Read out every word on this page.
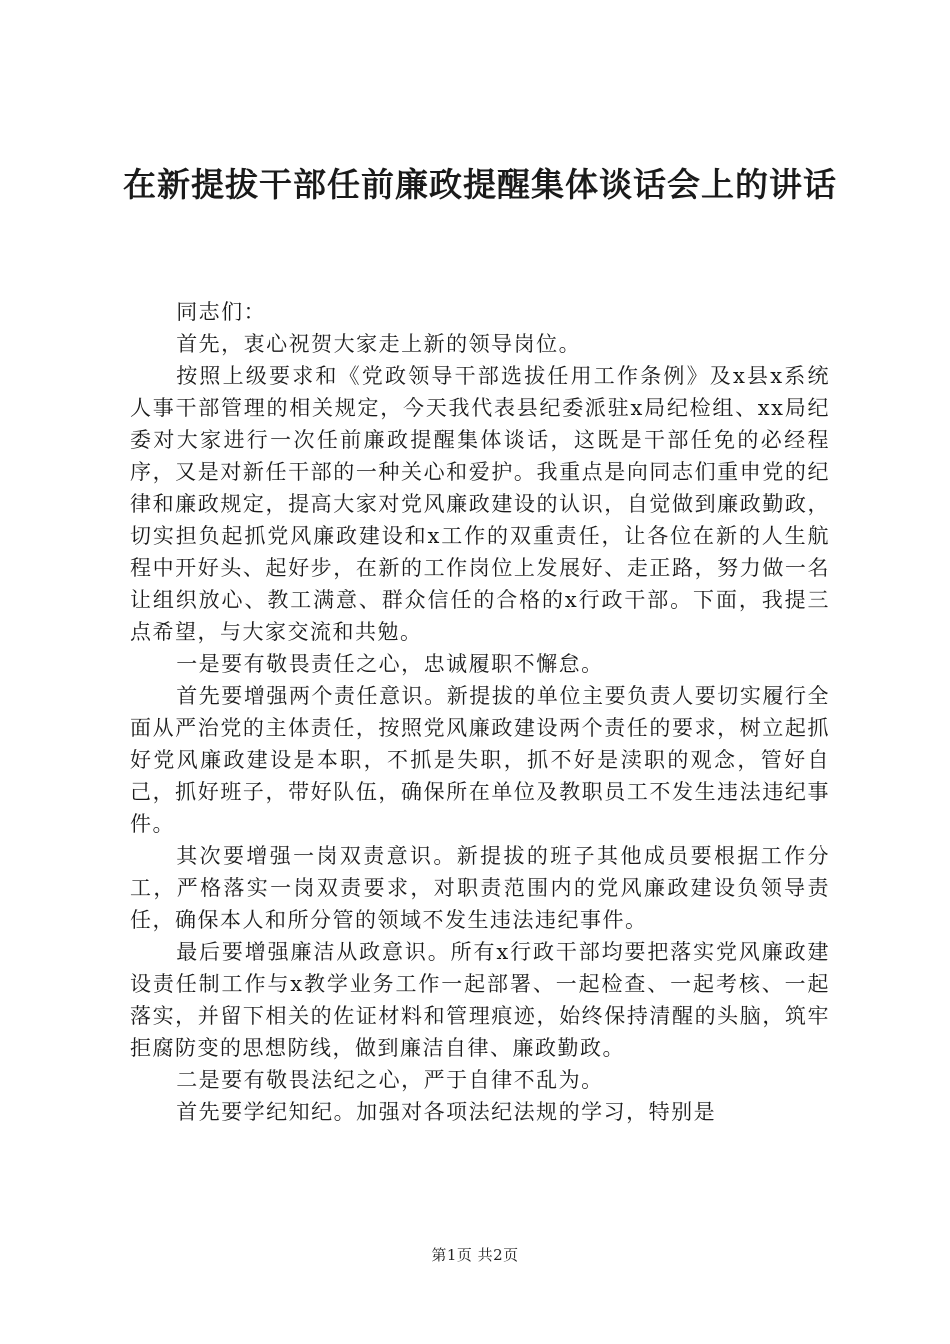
在新提拔干部任前廉政提醒集体谈话会上的讲话

同志们：

首先，衷心祝贺大家走上新的领导岗位。

按照上级要求和《党政领导干部选拔任用工作条例》及x县x系统人事干部管理的相关规定，今天我代表县纪委派驻x局纪检组、xx局纪委对大家进行一次任前廉政提醒集体谈话，这既是干部任免的必经程序，又是对新任干部的一种关心和爱护。我重点是向同志们重申党的纪律和廉政规定，提高大家对党风廉政建设的认识，自觉做到廉政勤政，切实担负起抓党风廉政建设和x工作的双重责任，让各位在新的人生航程中开好头、起好步，在新的工作岗位上发展好、走正路，努力做一名让组织放心、教工满意、群众信任的合格的x行政干部。下面，我提三点希望，与大家交流和共勉。

一是要有敬畏责任之心，忠诚履职不懈怠。

首先要增强两个责任意识。新提拔的单位主要负责人要切实履行全面从严治党的主体责任，按照党风廉政建设两个责任的要求，树立起抓好党风廉政建设是本职，不抓是失职，抓不好是渎职的观念，管好自己，抓好班子，带好队伍，确保所在单位及教职员工不发生违法违纪事件。

其次要增强一岗双责意识。新提拔的班子其他成员要根据工作分工，严格落实一岗双责要求，对职责范围内的党风廉政建设负领导责任，确保本人和所分管的领域不发生违法违纪事件。

最后要增强廉洁从政意识。所有x行政干部均要把落实党风廉政建设责任制工作与x教学业务工作一起部署、一起检查、一起考核、一起落实，并留下相关的佐证材料和管理痕迹，始终保持清醒的头脑，筑牢拒腐防变的思想防线，做到廉洁自律、廉政勤政。

二是要有敬畏法纪之心，严于自律不乱为。

首先要学纪知纪。加强对各项法纪法规的学习，特别是

第1页 共2页
